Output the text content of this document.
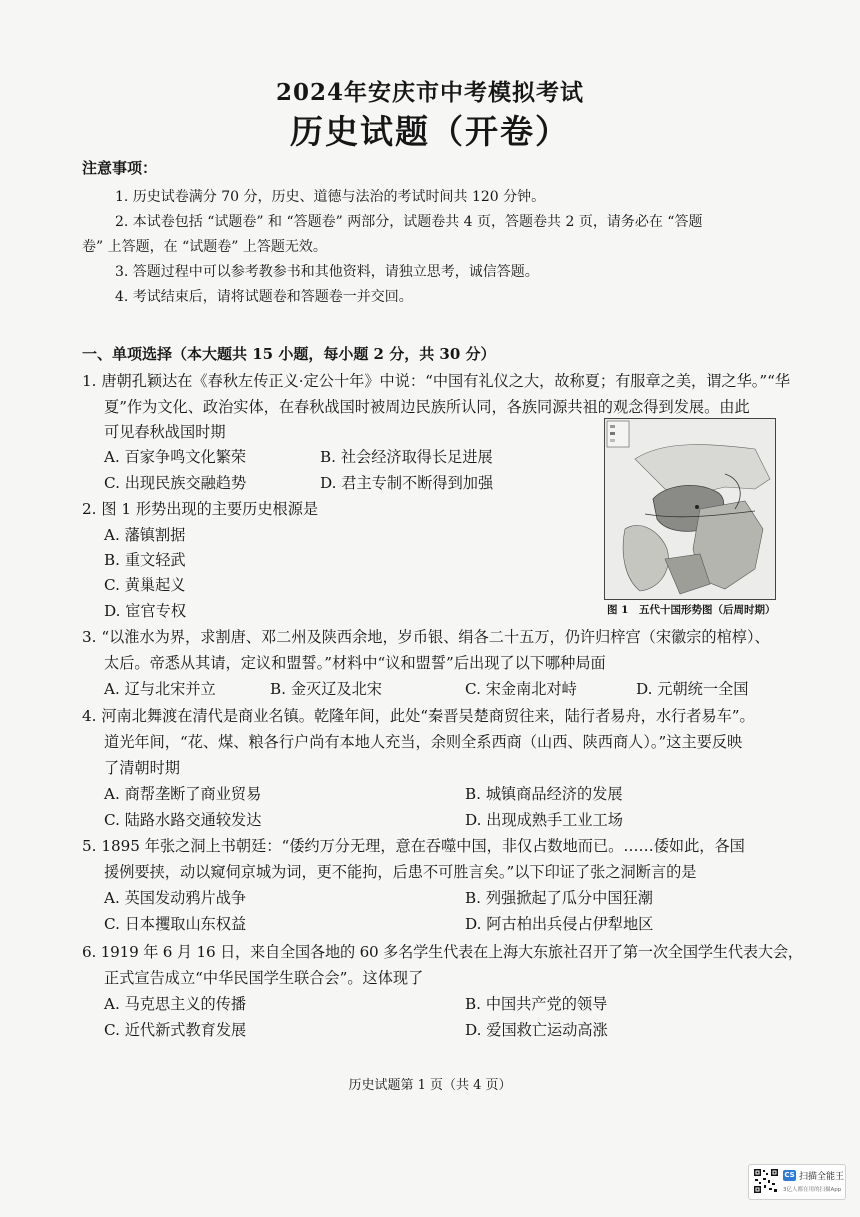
2024年安庆市中考模拟考试
历史试题（开卷）
注意事项：
1. 历史试卷满分 70 分，历史、道德与法治的考试时间共 120 分钟。
2. 本试卷包括 “试题卷” 和 “答题卷” 两部分，试题卷共 4 页，答题卷共 2 页，请务必在 “答题
卷” 上答题，在 “试题卷” 上答题无效。
3. 答题过程中可以参考教参书和其他资料，请独立思考，诚信答题。
4. 考试结束后，请将试题卷和答题卷一并交回。
一、单项选择（本大题共 15 小题，每小题 2 分，共 30 分）
1. 唐朝孔颖达在《春秋左传正义·定公十年》中说：“中国有礼仪之大，故称夏；有服章之美，谓之华。”“华
夏”作为文化、政治实体，在春秋战国时被周边民族所认同，各族同源共祖的观念得到发展。由此
可见春秋战国时期
A. 百家争鸣文化繁荣	B. 社会经济取得长足进展
C. 出现民族交融趋势	D. 君主专制不断得到加强
2. 图 1 形势出现的主要历史根源是
A. 藩镇割据
B. 重文轻武
C. 黄巢起义
D. 宦官专权	图 1　五代十国形势图（后周时期）
3. “以淮水为界，求割唐、邓二州及陕西余地，岁币银、绢各二十五万，仍许归梓宫（宋徽宗的棺椁）、
太后。帝悉从其请，定议和盟誓。”材料中“议和盟誓”后出现了以下哪种局面
A. 辽与北宋并立	B. 金灭辽及北宋	C. 宋金南北对峙	D. 元朝统一全国
4. 河南北舞渡在清代是商业名镇。乾隆年间，此处“秦晋吴楚商贸往来，陆行者易舟，水行者易车”。
道光年间，“花、煤、粮各行户尚有本地人充当，余则全系西商（山西、陕西商人）。”这主要反映
了清朝时期
A. 商帮垄断了商业贸易	B. 城镇商品经济的发展
C. 陆路水路交通较发达	D. 出现成熟手工业工场
5. 1895 年张之洞上书朝廷：“倭约万分无理，意在吞噬中国，非仅占数地而已。……倭如此，各国
援例要挟，动以窥伺京城为词，更不能拘，后患不可胜言矣。”以下印证了张之洞断言的是
A. 英国发动鸦片战争	B. 列强掀起了瓜分中国狂潮
C. 日本攫取山东权益	D. 阿古柏出兵侵占伊犁地区
6. 1919 年 6 月 16 日，来自全国各地的 60 多名学生代表在上海大东旅社召开了第一次全国学生代表大会，
正式宣告成立“中华民国学生联合会”。这体现了
A. 马克思主义的传播	B. 中国共产党的领导
C. 近代新式教育发展	D. 爱国救亡运动高涨
历史试题第 1 页（共 4 页）
CS 扫描全能王
3亿人都在用的扫描App
